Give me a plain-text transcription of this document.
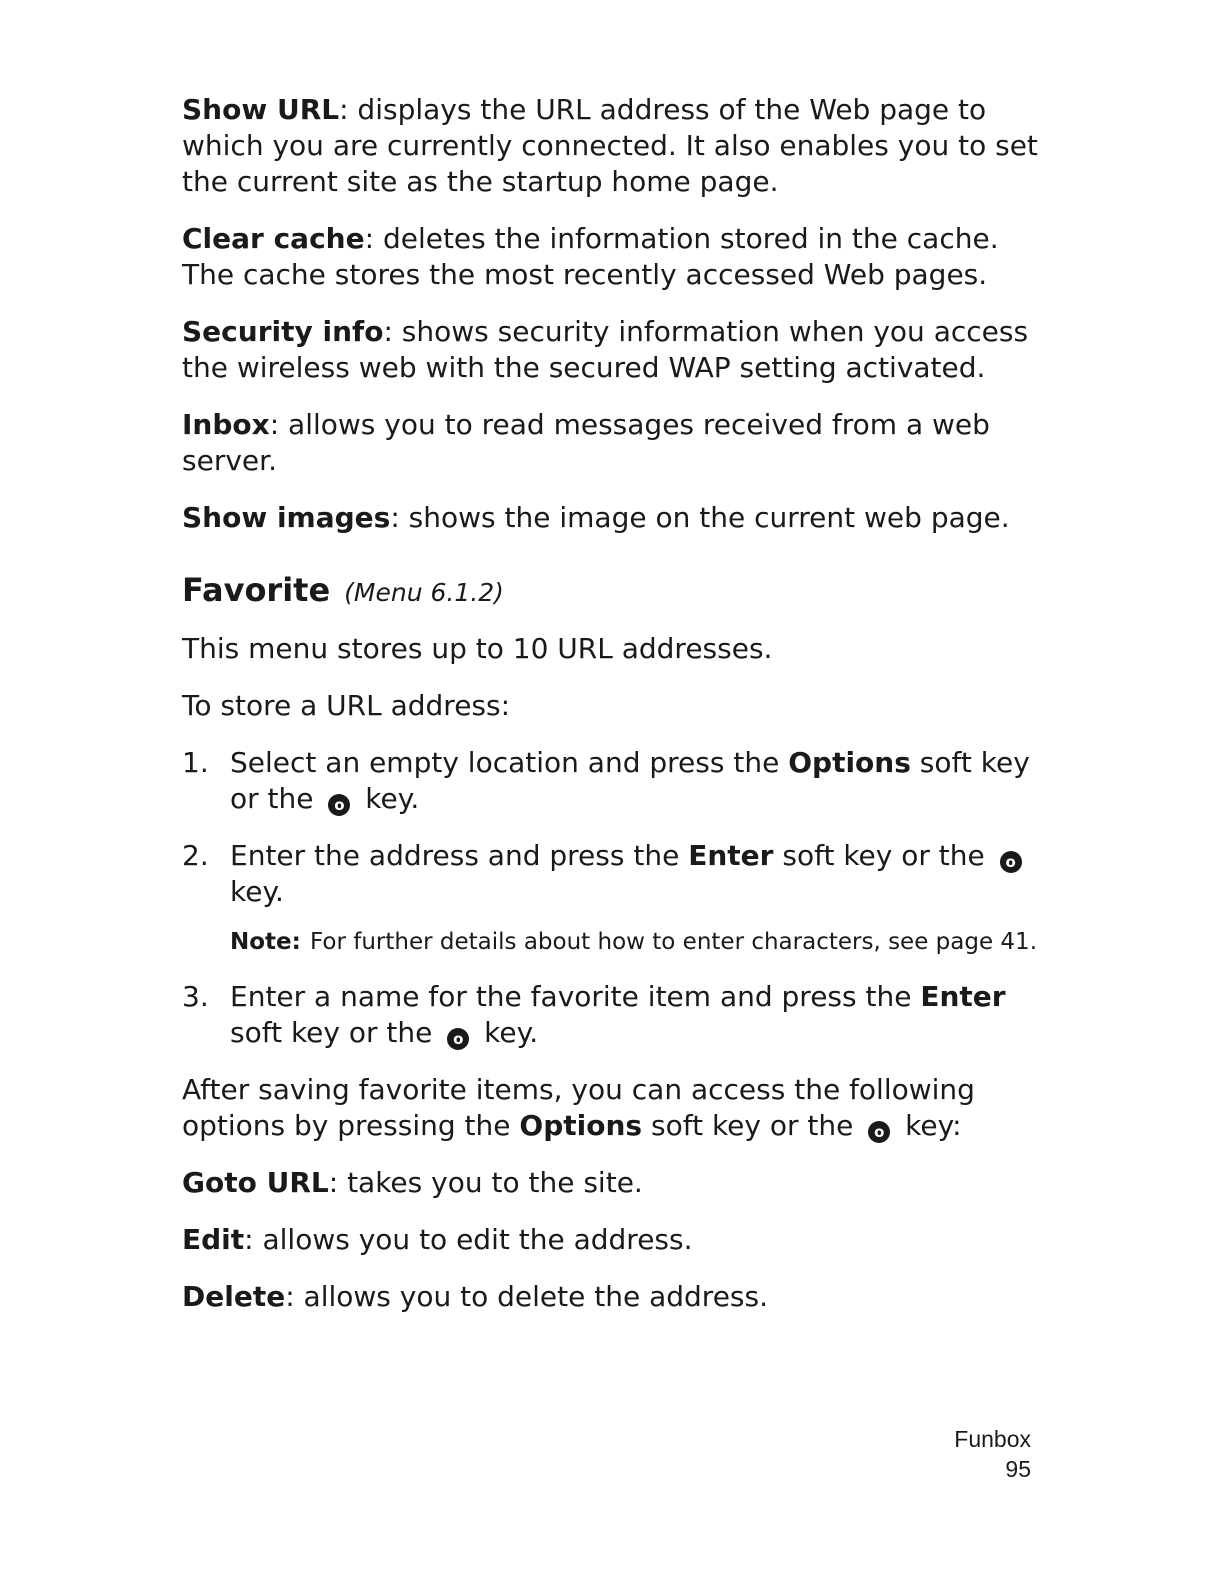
Show URL: displays the URL address of the Web page to which you are currently connected. It also enables you to set the current site as the startup home page.

Clear cache: deletes the information stored in the cache. The cache stores the most recently accessed Web pages.

Security info: shows security information when you access the wireless web with the secured WAP setting activated.

Inbox: allows you to read messages received from a web server.

Show images: shows the image on the current web page.

Favorite (Menu 6.1.2)

This menu stores up to 10 URL addresses.

To store a URL address:

1. Select an empty location and press the Options soft key or the o key.
2. Enter the address and press the Enter soft key or the o key.

Note: For further details about how to enter characters, see page 41.

3. Enter a name for the favorite item and press the Enter soft key or the o key.

After saving favorite items, you can access the following options by pressing the Options soft key or the o key:

Goto URL: takes you to the site.

Edit: allows you to edit the address.

Delete: allows you to delete the address.

Funbox
95
